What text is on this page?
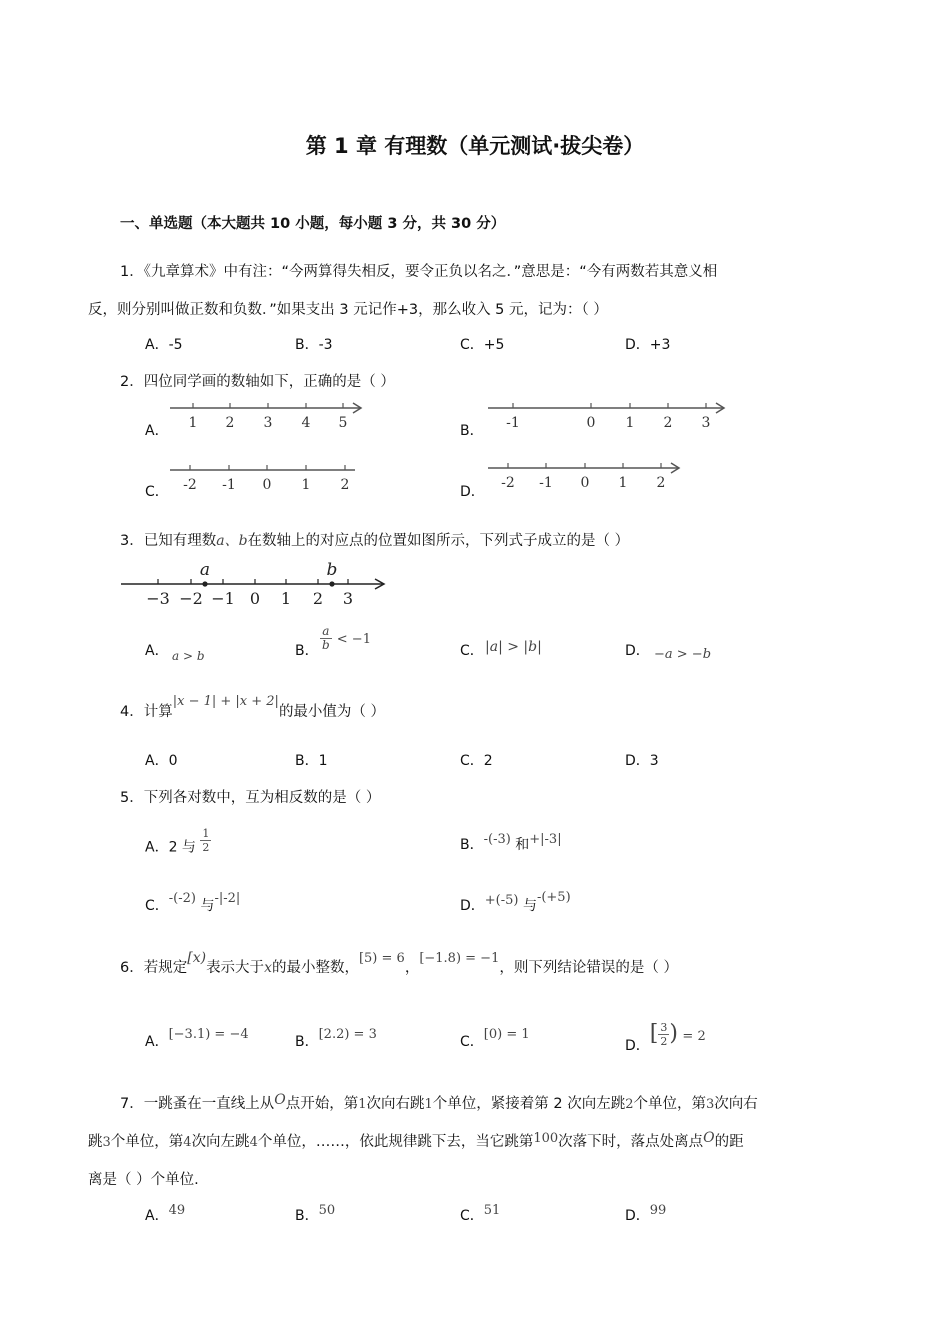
第 1 章 有理数（单元测试·拔尖卷）
一、单选题（本大题共 10 小题，每小题 3 分，共 30 分）
1．《九章算术》中有注：“今两算得失相反，要令正负以名之．”意思是：“今有两数若其意义相
反，则分别叫做正数和负数．”如果支出 3 元记作+3，那么收入 5 元，记为：（ ）
A．-5	B．-3	C．+5	D．+3
2．四位同学画的数轴如下，正确的是（ ）
A． 1 2 3 4 5	B． -1	0 1 2 3
C． -2 -1 0 1 2	D．
-2 -1 0 1 2
3．已知有理数a、b在数轴上的对应点的位置如图所示，下列式子成立的是（ ）
a	b
−3 −2 −1 0 1 2 3
A． a > b	B． $\frac{a}{b} < -1$
C． |a| > |b|	D． −a > −b
4．计算|x − 1| + |x + 2|的最小值为（ ）
A．0	B．1	C．2	D．3
5．下列各对数中，互为相反数的是（ ）
A．2 与 $\frac{1}{2}$	B．-(-3) 和+|-3|
C．-(-2) 与-|-2|	D．+(-5) 与-(+5)
6．若规定[x)表示大于x的最小整数，[5) = 6，[−1.8) = −1，则下列结论错误的是（ ）
A．[−3.1) = −4	B．[2.2) = 3	C．[0) = 1
D．[ $\frac{3}{2}$ ) = 2
7．一跳蚤在一直线上从O点开始，第1次向右跳1个单位，紧接着第 2 次向左跳2个单位，第3次向右
跳3个单位，第4次向左跳4个单位，……，依此规律跳下去，当它跳第100次落下时，落点处离点O的距
离是（ ）个单位.
A．49	B．50	C．51	D．99
